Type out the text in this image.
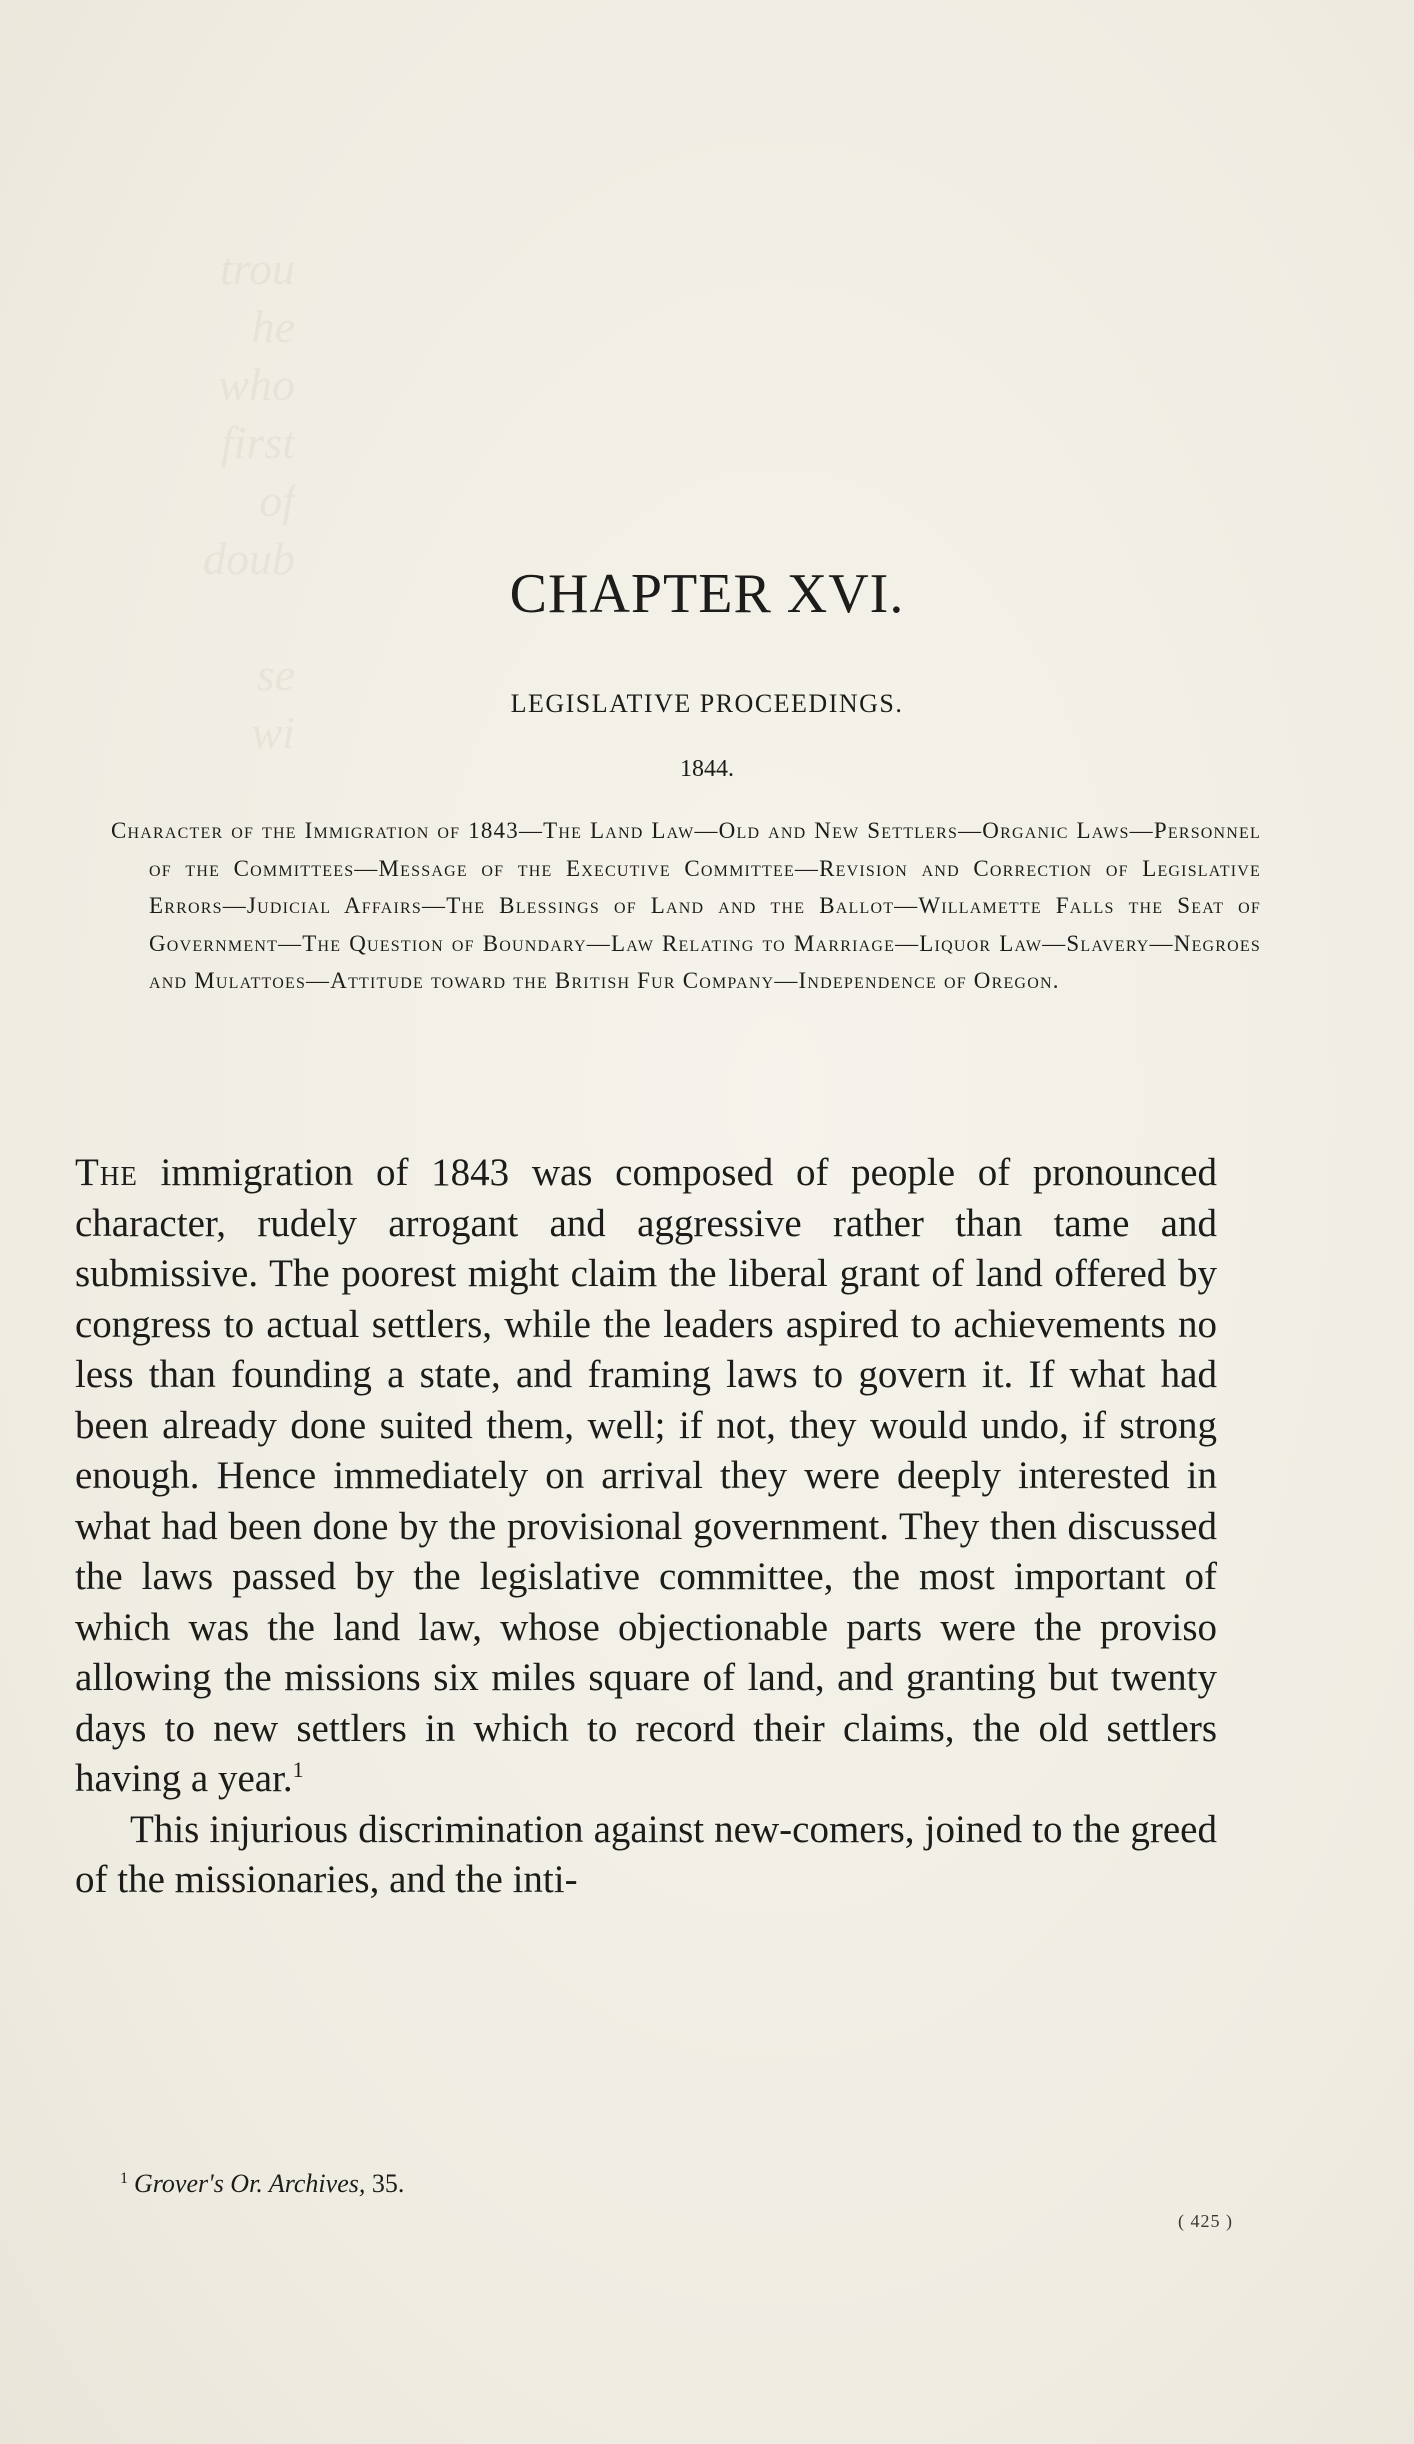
trou
he
who
first
of
doub

se
wi
CHAPTER XVI.
LEGISLATIVE PROCEEDINGS.
1844.

Character of the Immigration of 1843—The Land Law—Old and New Settlers—Organic Laws—Personnel of the Committees—Message of the Executive Committee—Revision and Correction of Legislative Errors—Judicial Affairs—The Blessings of Land and the Ballot—Willamette Falls the Seat of Government—The Question of Boundary—Law Relating to Marriage—Liquor Law—Slavery—Negroes and Mulattoes—Attitude toward the British Fur Company—Independence of Oregon.

The immigration of 1843 was composed of people of pronounced character, rudely arrogant and aggressive rather than tame and submissive. The poorest might claim the liberal grant of land offered by congress to actual settlers, while the leaders aspired to achievements no less than founding a state, and framing laws to govern it. If what had been already done suited them, well; if not, they would undo, if strong enough. Hence immediately on arrival they were deeply interested in what had been done by the provisional government. They then discussed the laws passed by the legislative committee, the most important of which was the land law, whose objectionable parts were the proviso allowing the missions six miles square of land, and granting but twenty days to new settlers in which to record their claims, the old settlers having a year.$^1$

This injurious discrimination against new-comers, joined to the greed of the missionaries, and the inti-

$^1$ Grover's Or. Archives, 35.
( 425 )
